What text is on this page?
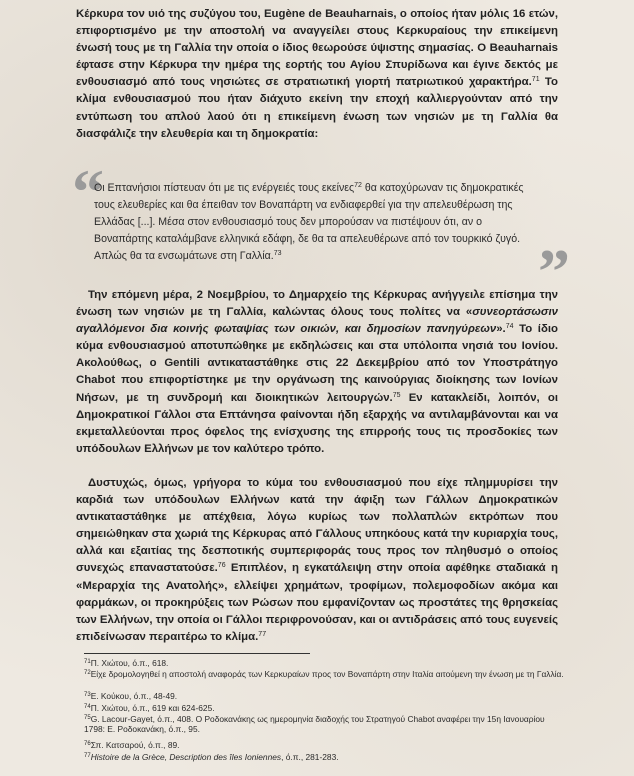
Κέρκυρα τον υιό της συζύγου του, Eugène de Beauharnais, ο οποίος ήταν μόλις 16 ετών, επιφορτισμένο με την αποστολή να αναγγείλει στους Κερκυραίους την επικείμενη ένωσή τους με τη Γαλλία την οποία ο ίδιος θεωρούσε ύψιστης σημασίας. Ο Beauharnais έφτασε στην Κέρκυρα την ημέρα της εορτής του Αγίου Σπυρίδωνα και έγινε δεκτός με ενθουσιασμό από τους νησιώτες σε στρατιωτική γιορτή πατριωτικού χαρακτήρα.$^{71}$ Το κλίμα ενθουσιασμού που ήταν διάχυτο εκείνη την εποχή καλλιεργούνταν από την εντύπωση του απλού λαού ότι η επικείμενη ένωση των νησιών με τη Γαλλία θα διασφάλιζε την ελευθερία και τη δημοκρατία:
“
Οι Επτανήσιοι πίστευαν ότι με τις ενέργειές τους εκείνες$^{72}$ θα κατοχύρωναν τις δημοκρατικές τους ελευθερίες και θα έπειθαν τον Βοναπάρτη να ενδιαφερθεί για την απελευθέρωση της Ελλάδας [...]. Μέσα στον ενθουσιασμό τους δεν μπορούσαν να πιστέψουν ότι, αν ο Βοναπάρτης καταλάμβανε ελληνικά εδάφη, δε θα τα απελευθέρωνε από τον τουρκικό ζυγό. Απλώς θα τα ενσωμάτωνε στη Γαλλία.$^{73}$	”
Την επόμενη μέρα, 2 Νοεμβρίου, το Δημαρχείο της Κέρκυρας ανήγγειλε επίσημα την ένωση των νησιών με τη Γαλλία, καλώντας όλους τους πολίτες να «συνεορτάσωσιν αγαλλόμενοι δια κοινής φωταψίας των οικιών, και δημοσίων πανηγύρεων».$^{74}$ Το ίδιο κύμα ενθουσιασμού αποτυπώθηκε με εκδηλώσεις και στα υπόλοιπα νησιά του Ιονίου. Ακολούθως, ο Gentili αντικαταστάθηκε στις 22 Δεκεμβρίου από τον Υποστράτηγο Chabot που επιφορτίστηκε με την οργάνωση της καινούργιας διοίκησης των Ιονίων Νήσων, με τη συνδρομή και διοικητικών λειτουργών.$^{75}$ Εν κατακλείδι, λοιπόν, οι Δημοκρατικοί Γάλλοι στα Επτάνησα φαίνονται ήδη εξαρχής να αντιλαμβάνονται και να εκμεταλλεύονται προς όφελος της ενίσχυσης της επιρροής τους τις προσδοκίες των υπόδουλων Ελλήνων με τον καλύτερο τρόπο.
Δυστυχώς, όμως, γρήγορα το κύμα του ενθουσιασμού που είχε πλημμυρίσει την καρδιά των υπόδουλων Ελλήνων κατά την άφιξη των Γάλλων Δημοκρατικών αντικαταστάθηκε με απέχθεια, λόγω κυρίως των πολλαπλών εκτρόπων που σημειώθηκαν στα χωριά της Κέρκυρας από Γάλλους υπηκόους κατά την κυριαρχία τους, αλλά και εξαιτίας της δεσποτικής συμπεριφοράς τους προς τον πληθυσμό ο οποίος συνεχώς επαναστατούσε.$^{76}$ Επιπλέον, η εγκατάλειψη στην οποία αφέθηκε σταδιακά η «Μεραρχία της Ανατολής», ελλείψει χρημάτων, τροφίμων, πολεμοφοδίων ακόμα και φαρμάκων, οι προκηρύξεις των Ρώσων που εμφανίζονταν ως προστάτες της θρησκείας των Ελλήνων, την οποία οι Γάλλοι περιφρονούσαν, και οι αντιδράσεις από τους ευγενείς επιδείνωσαν περαιτέρω το κλίμα.$^{77}$
$^{71}$Π. Χιώτου, ό.π., 618.
$^{72}$Είχε δρομολογηθεί η αποστολή αναφοράς των Κερκυραίων προς τον Βοναπάρτη στην Ιταλία αιτούμενη την ένωση με τη Γαλλία.
$^{73}$Ε. Κούκου, ό.π., 48-49.
$^{74}$Π. Χιώτου, ό.π., 619 και 624-625.
$^{75}$G. Lacour-Gayet, ό.π., 408. Ο Ροδοκανάκης ως ημερομηνία διαδοχής του Στρατηγού Chabot αναφέρει την 15η Ιανουαρίου 1798: Ε. Ροδοκανάκη, ό.π., 95.
$^{76}$Σπ. Κατσαρού, ό.π., 89.
$^{77}$Histoire de la Grèce, Description des îles Ioniennes, ό.π., 281-283.
